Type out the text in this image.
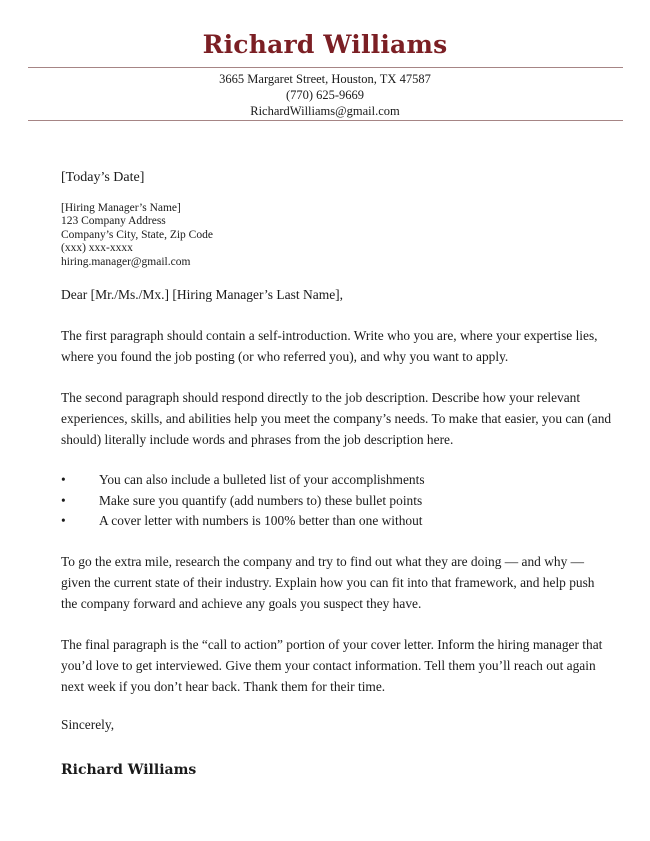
Richard Williams
3665 Margaret Street, Houston, TX 47587
(770) 625-9669
RichardWilliams@gmail.com
[Today’s Date]
[Hiring Manager’s Name]
123 Company Address
Company’s City, State, Zip Code
(xxx) xxx-xxxx
hiring.manager@gmail.com
Dear [Mr./Ms./Mx.] [Hiring Manager’s Last Name],
The first paragraph should contain a self-introduction. Write who you are, where your expertise lies,
where you found the job posting (or who referred you), and why you want to apply.
The second paragraph should respond directly to the job description. Describe how your relevant
experiences, skills, and abilities help you meet the company’s needs. To make that easier, you can (and
should) literally include words and phrases from the job description here.
•	You can also include a bulleted list of your accomplishments
•	Make sure you quantify (add numbers to) these bullet points
•	A cover letter with numbers is 100% better than one without
To go the extra mile, research the company and try to find out what they are doing — and why —
given the current state of their industry. Explain how you can fit into that framework, and help push
the company forward and achieve any goals you suspect they have.
The final paragraph is the “call to action” portion of your cover letter. Inform the hiring manager that
you’d love to get interviewed. Give them your contact information. Tell them you’ll reach out again
next week if you don’t hear back. Thank them for their time.
Sincerely,
Richard Williams
